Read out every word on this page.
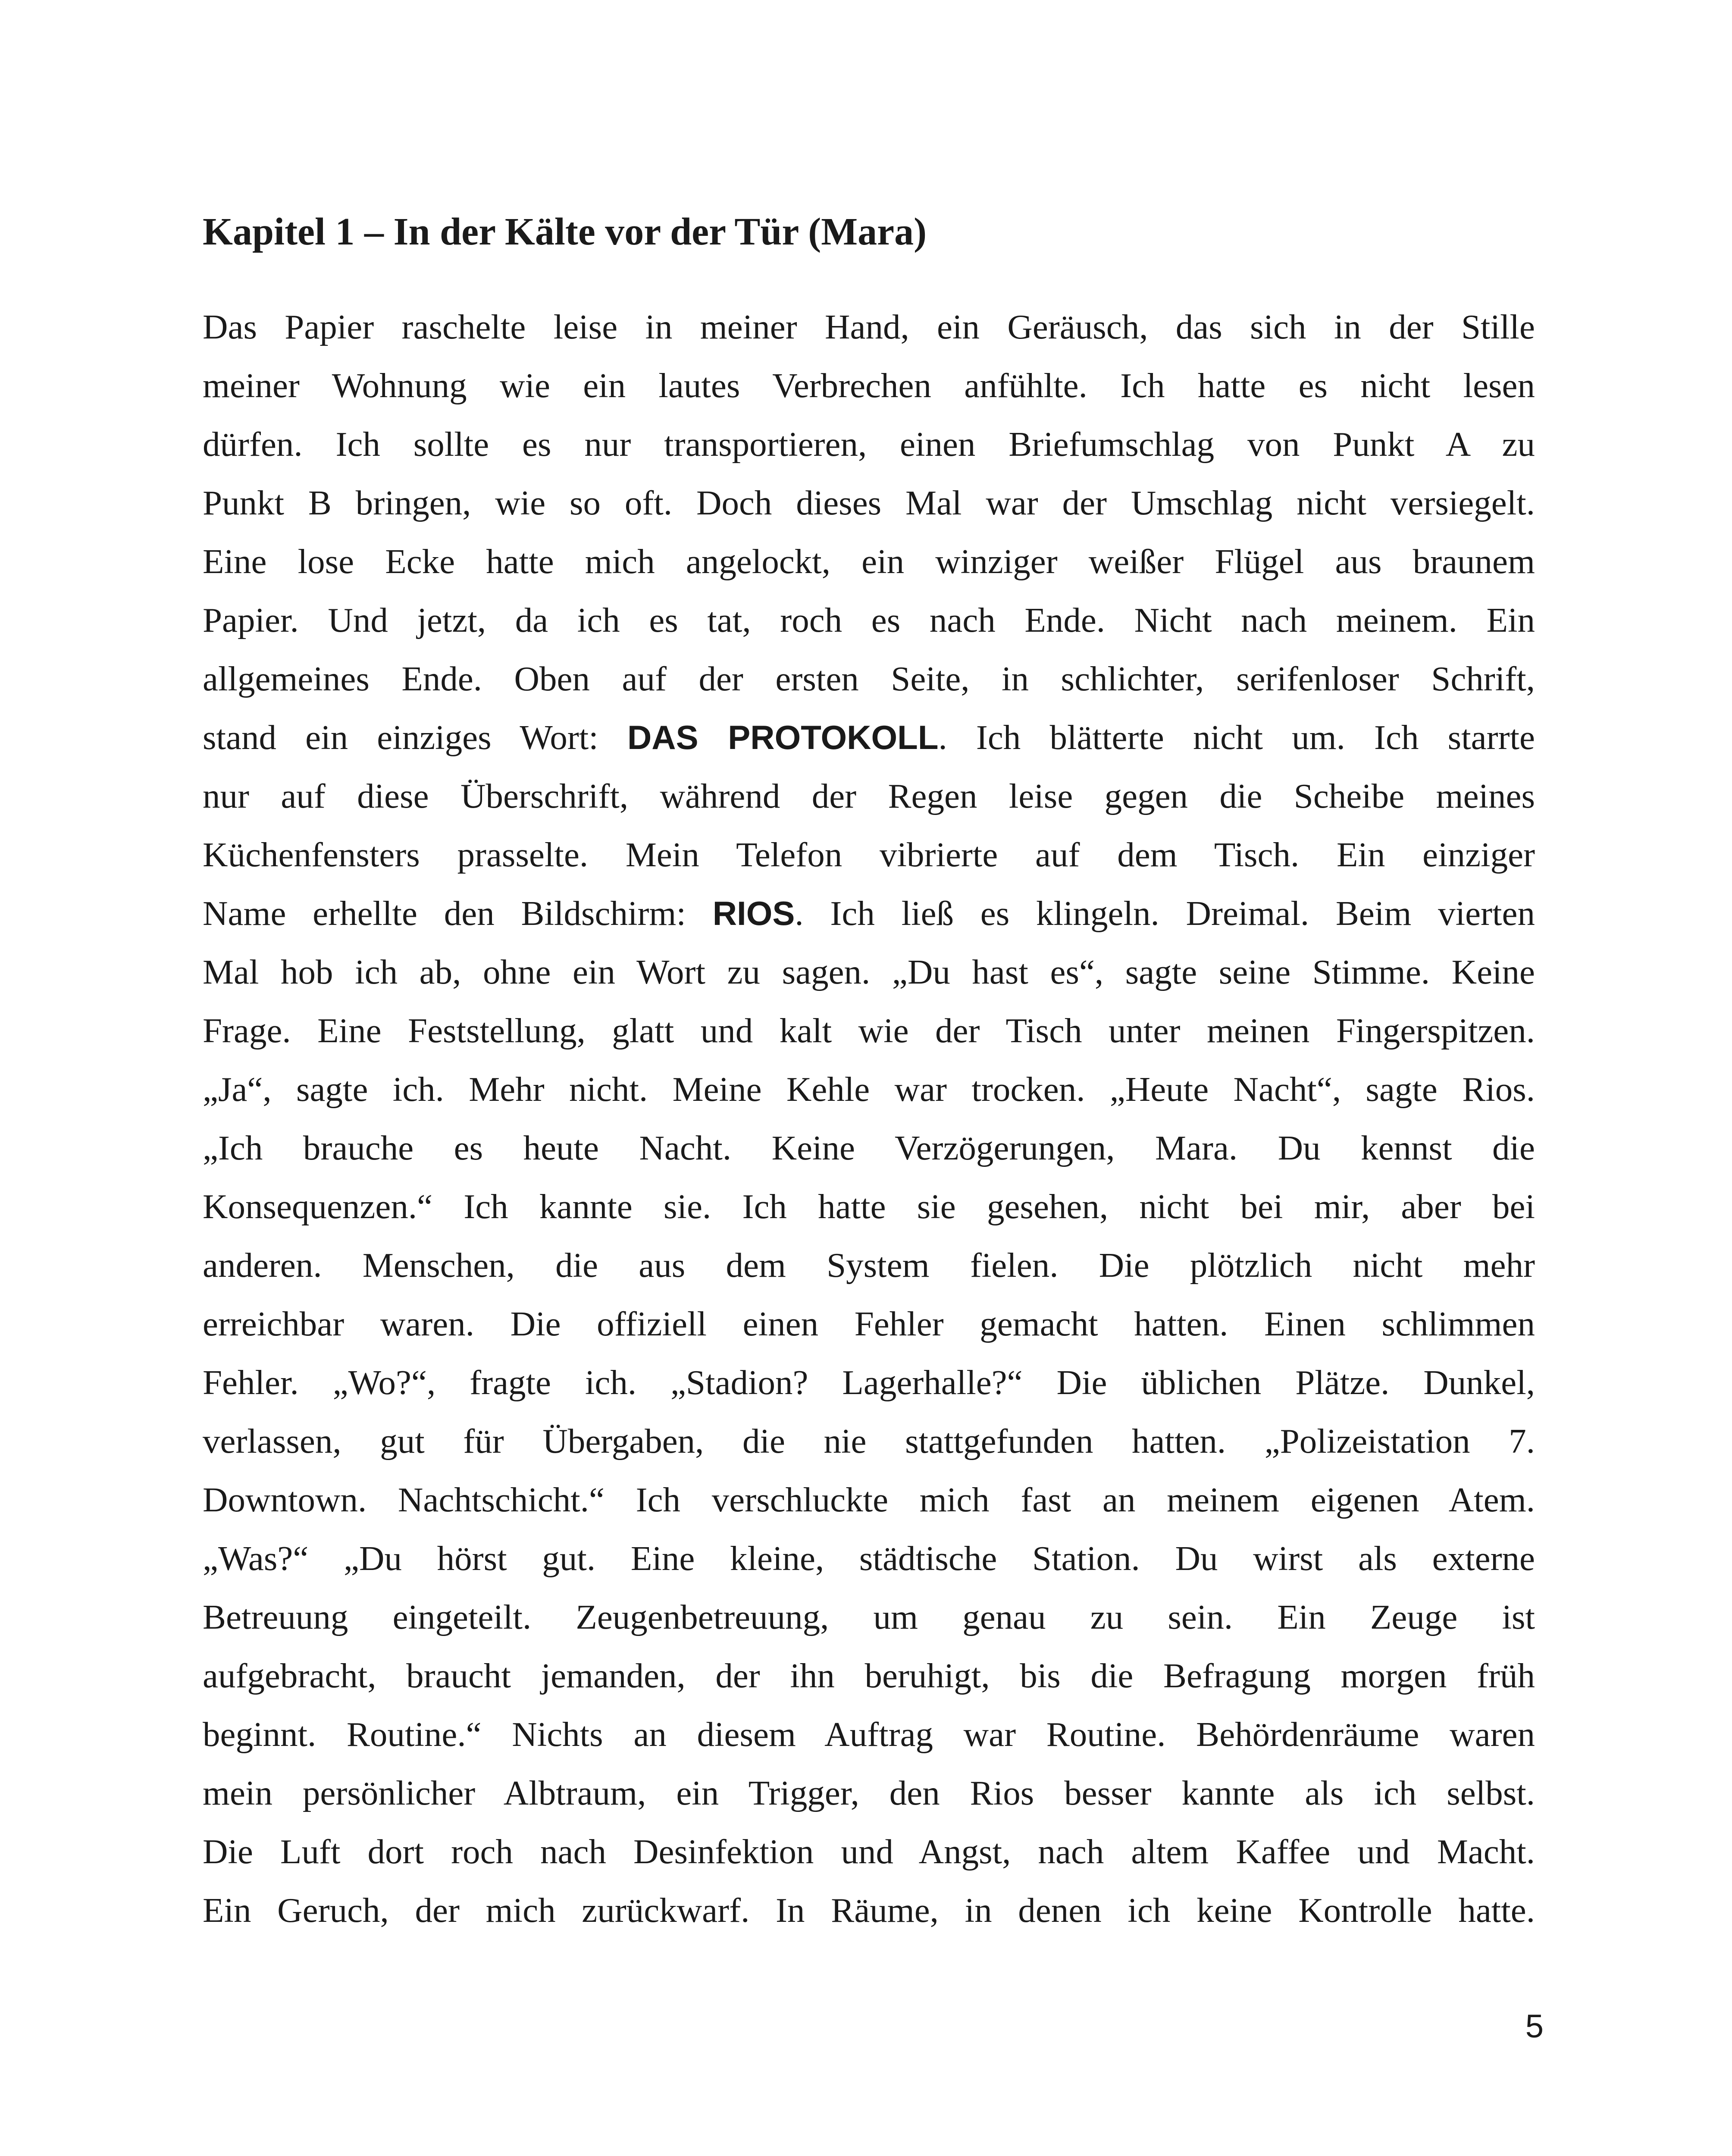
Kapitel 1 – In der Kälte vor der Tür (Mara)
Das Papier raschelte leise in meiner Hand, ein Geräusch, das sich in der Stille
meiner Wohnung wie ein lautes Verbrechen anfühlte. Ich hatte es nicht lesen
dürfen. Ich sollte es nur transportieren, einen Briefumschlag von Punkt A zu
Punkt B bringen, wie so oft. Doch dieses Mal war der Umschlag nicht versiegelt.
Eine lose Ecke hatte mich angelockt, ein winziger weißer Flügel aus braunem
Papier. Und jetzt, da ich es tat, roch es nach Ende. Nicht nach meinem. Ein
allgemeines Ende. Oben auf der ersten Seite, in schlichter, serifenloser Schrift,
stand ein einziges Wort: DAS PROTOKOLL. Ich blätterte nicht um. Ich starrte
nur auf diese Überschrift, während der Regen leise gegen die Scheibe meines
Küchenfensters prasselte. Mein Telefon vibrierte auf dem Tisch. Ein einziger
Name erhellte den Bildschirm: RIOS. Ich ließ es klingeln. Dreimal. Beim vierten
Mal hob ich ab, ohne ein Wort zu sagen. „Du hast es“, sagte seine Stimme. Keine
Frage. Eine Feststellung, glatt und kalt wie der Tisch unter meinen Fingerspitzen.
„Ja“, sagte ich. Mehr nicht. Meine Kehle war trocken. „Heute Nacht“, sagte Rios.
„Ich brauche es heute Nacht. Keine Verzögerungen, Mara. Du kennst die
Konsequenzen.“ Ich kannte sie. Ich hatte sie gesehen, nicht bei mir, aber bei
anderen. Menschen, die aus dem System fielen. Die plötzlich nicht mehr
erreichbar waren. Die offiziell einen Fehler gemacht hatten. Einen schlimmen
Fehler. „Wo?“, fragte ich. „Stadion? Lagerhalle?“ Die üblichen Plätze. Dunkel,
verlassen, gut für Übergaben, die nie stattgefunden hatten. „Polizeistation 7.
Downtown. Nachtschicht.“ Ich verschluckte mich fast an meinem eigenen Atem.
„Was?“ „Du hörst gut. Eine kleine, städtische Station. Du wirst als externe
Betreuung eingeteilt. Zeugenbetreuung, um genau zu sein. Ein Zeuge ist
aufgebracht, braucht jemanden, der ihn beruhigt, bis die Befragung morgen früh
beginnt. Routine.“ Nichts an diesem Auftrag war Routine. Behördenräume waren
mein persönlicher Albtraum, ein Trigger, den Rios besser kannte als ich selbst.
Die Luft dort roch nach Desinfektion und Angst, nach altem Kaffee und Macht.
Ein Geruch, der mich zurückwarf. In Räume, in denen ich keine Kontrolle hatte.
5
